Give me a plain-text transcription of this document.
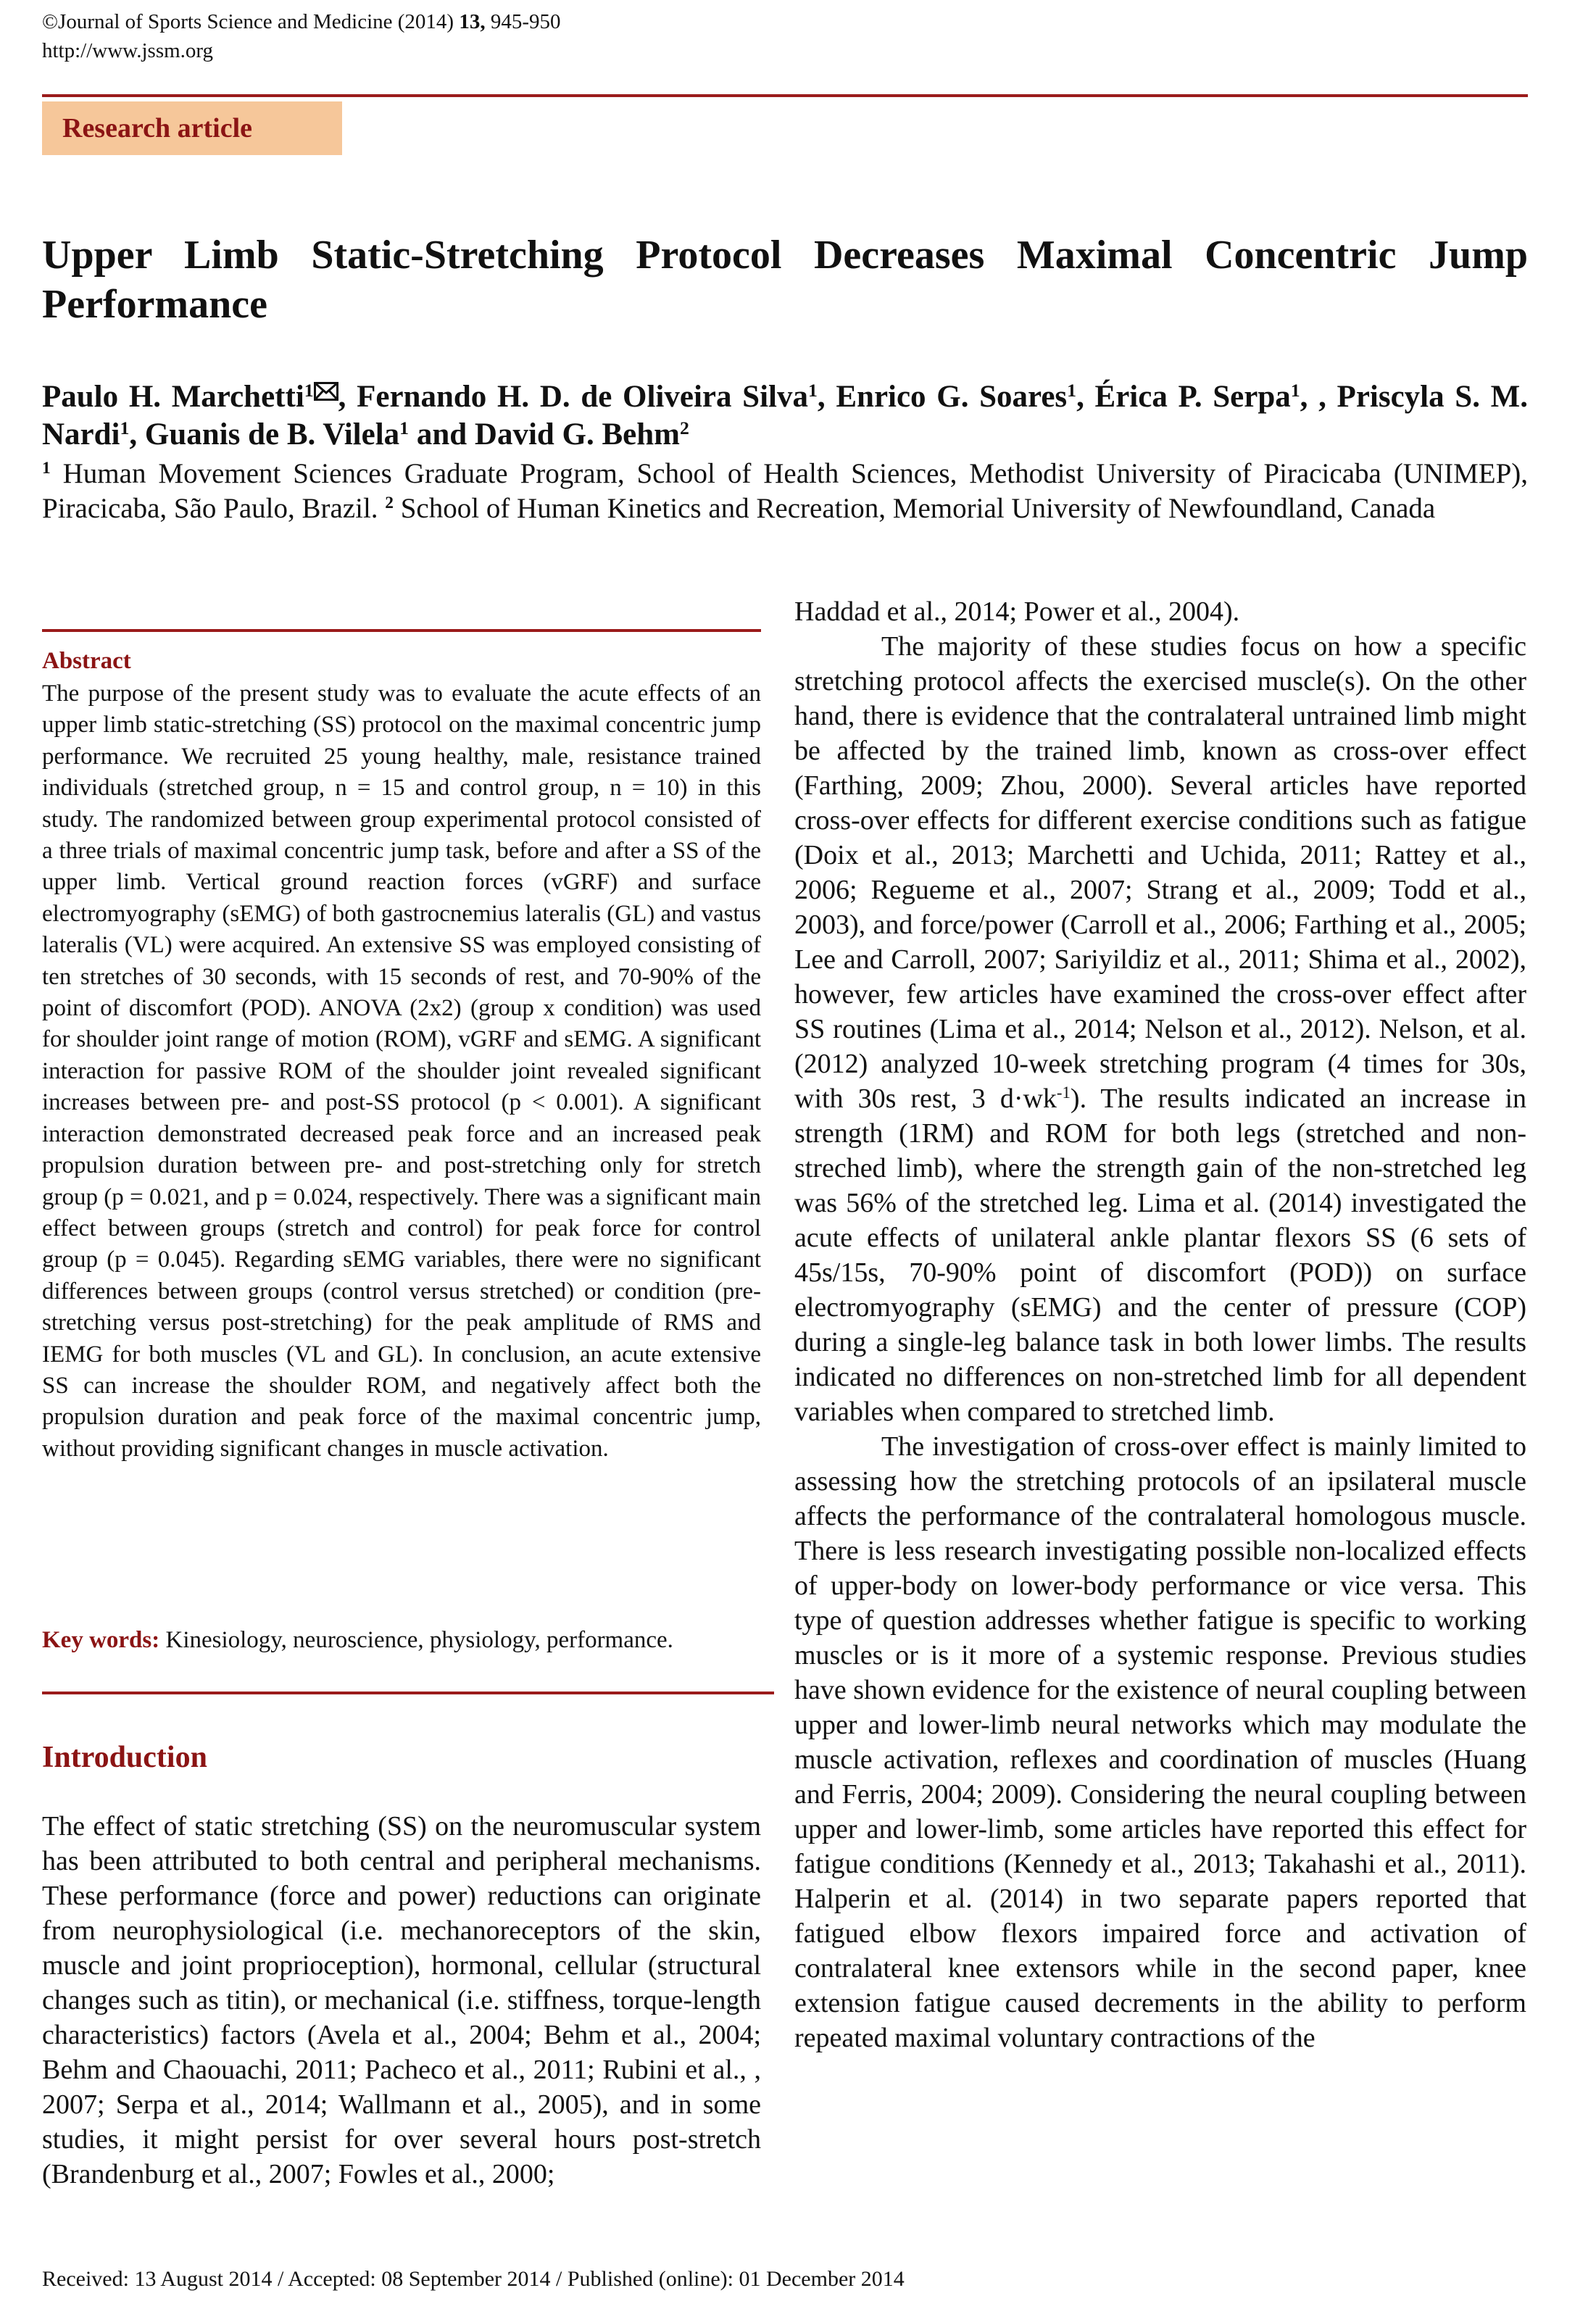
©Journal of Sports Science and Medicine (2014) 13, 945-950
http://www.jssm.org
Research article
Upper Limb Static-Stretching Protocol Decreases Maximal Concentric Jump Performance
Paulo H. Marchetti$^1$ , Fernando H. D. de Oliveira Silva$^1$, Enrico G. Soares$^1$, Érica P. Serpa$^1$, , Priscyla S. M. Nardi$^1$, Guanis de B. Vilela$^1$ and David G. Behm$^2$
$^1$ Human Movement Sciences Graduate Program, School of Health Sciences, Methodist University of Piracicaba (UNIMEP), Piracicaba, São Paulo, Brazil. $^2$ School of Human Kinetics and Recreation, Memorial University of Newfoundland, Canada
Abstract
The purpose of the present study was to evaluate the acute effects of an upper limb static-stretching (SS) protocol on the maximal concentric jump performance. We recruited 25 young healthy, male, resistance trained individuals (stretched group, n = 15 and control group, n = 10) in this study. The randomized between group experimental protocol consisted of a three trials of maximal concentric jump task, before and after a SS of the upper limb. Vertical ground reaction forces (vGRF) and surface electromyography (sEMG) of both gastrocnemius lateralis (GL) and vastus lateralis (VL) were acquired. An extensive SS was employed consisting of ten stretches of 30 seconds, with 15 seconds of rest, and 70-90% of the point of discomfort (POD). ANOVA (2x2) (group x condition) was used for shoulder joint range of motion (ROM), vGRF and sEMG. A significant interaction for passive ROM of the shoulder joint revealed significant increases between pre- and post-SS protocol (p < 0.001). A significant interaction demonstrated decreased peak force and an increased peak propulsion duration between pre- and post-stretching only for stretch group (p = 0.021, and p = 0.024, respectively. There was a significant main effect between groups (stretch and control) for peak force for control group (p = 0.045). Regarding sEMG variables, there were no significant differences between groups (control versus stretched) or condition (pre-stretching versus post-stretching) for the peak amplitude of RMS and IEMG for both muscles (VL and GL). In conclusion, an acute extensive SS can increase the shoulder ROM, and negatively affect both the propulsion duration and peak force of the maximal concentric jump, without providing significant changes in muscle activation.
Key words: Kinesiology, neuroscience, physiology, performance.
Introduction

The effect of static stretching (SS) on the neuromuscular system has been attributed to both central and peripheral mechanisms. These performance (force and power) reductions can originate from neurophysiological (i.e. mechanoreceptors of the skin, muscle and joint proprioception), hormonal, cellular (structural changes such as titin), or mechanical (i.e. stiffness, torque-length characteristics) factors (Avela et al., 2004; Behm et al., 2004; Behm and Chaouachi, 2011; Pacheco et al., 2011; Rubini et al., , 2007; Serpa et al., 2014; Wallmann et al., 2005), and in some studies, it might persist for over several hours post-stretch (Brandenburg et al., 2007; Fowles et al., 2000;

Haddad et al., 2014; Power et al., 2004).

The majority of these studies focus on how a specific stretching protocol affects the exercised muscle(s). On the other hand, there is evidence that the contralateral untrained limb might be affected by the trained limb, known as cross-over effect (Farthing, 2009; Zhou, 2000). Several articles have reported cross-over effects for different exercise conditions such as fatigue (Doix et al., 2013; Marchetti and Uchida, 2011; Rattey et al., 2006; Regueme et al., 2007; Strang et al., 2009; Todd et al., 2003), and force/power (Carroll et al., 2006; Farthing et al., 2005; Lee and Carroll, 2007; Sariyildiz et al., 2011; Shima et al., 2002), however, few articles have examined the cross-over effect after SS routines (Lima et al., 2014; Nelson et al., 2012). Nelson, et al. (2012) analyzed 10-week stretching program (4 times for 30s, with 30s rest, 3 $d\cdot wk^{-1}$). The results indicated an increase in strength (1RM) and ROM for both legs (stretched and non-streched limb), where the strength gain of the non-stretched leg was 56% of the stretched leg. Lima et al. (2014) investigated the acute effects of unilateral ankle plantar flexors SS (6 sets of 45s/15s, 70-90% point of discomfort (POD)) on surface electromyography (sEMG) and the center of pressure (COP) during a single-leg balance task in both lower limbs. The results indicated no differences on non-stretched limb for all dependent variables when compared to stretched limb.

The investigation of cross-over effect is mainly limited to assessing how the stretching protocols of an ipsilateral muscle affects the performance of the contralateral homologous muscle. There is less research investigating possible non-localized effects of upper-body on lower-body performance or vice versa. This type of question addresses whether fatigue is specific to working muscles or is it more of a systemic response. Previous studies have shown evidence for the existence of neural coupling between upper and lower-limb neural networks which may modulate the muscle activation, reflexes and coordination of muscles (Huang and Ferris, 2004; 2009). Considering the neural coupling between upper and lower-limb, some articles have reported this effect for fatigue conditions (Kennedy et al., 2013; Takahashi et al., 2011). Halperin et al. (2014) in two separate papers reported that fatigued elbow flexors impaired force and activation of contralateral knee extensors while in the second paper, knee extension fatigue caused decrements in the ability to perform repeated maximal voluntary contractions of the

Received: 13 August 2014 / Accepted: 08 September 2014 / Published (online): 01 December 2014
